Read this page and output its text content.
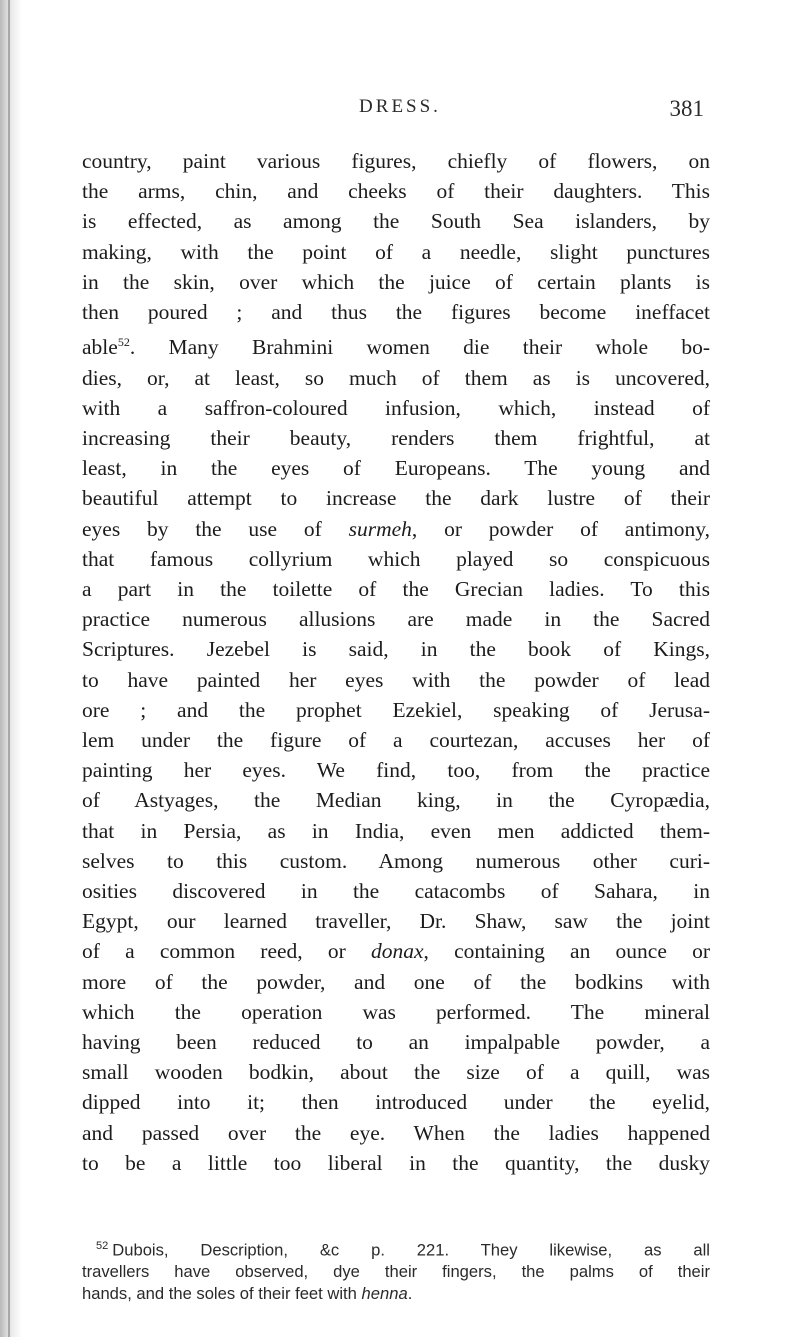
DRESS.	381
country, paint various figures, chiefly of flowers, on
the arms, chin, and cheeks of their daughters. This
is effected, as among the South Sea islanders, by
making, with the point of a needle, slight punctures
in the skin, over which the juice of certain plants is
then poured ; and thus the figures become ineffacet
able$^{52}$. Many Brahmini women die their whole bo-
dies, or, at least, so much of them as is uncovered,
with a saffron-coloured infusion, which, instead of
increasing their beauty, renders them frightful, at
least, in the eyes of Europeans. The young and
beautiful attempt to increase the dark lustre of their
eyes by the use of surmeh, or powder of antimony,
that famous collyrium which played so conspicuous
a part in the toilette of the Grecian ladies. To this
practice numerous allusions are made in the Sacred
Scriptures. Jezebel is said, in the book of Kings,
to have painted her eyes with the powder of lead
ore ; and the prophet Ezekiel, speaking of Jerusa-
lem under the figure of a courtezan, accuses her of
painting her eyes. We find, too, from the practice
of Astyages, the Median king, in the Cyropædia,
that in Persia, as in India, even men addicted them-
selves to this custom. Among numerous other curi-
osities discovered in the catacombs of Sahara, in
Egypt, our learned traveller, Dr. Shaw, saw the joint
of a common reed, or donax, containing an ounce or
more of the powder, and one of the bodkins with
which the operation was performed. The mineral
having been reduced to an impalpable powder, a
small wooden bodkin, about the size of a quill, was
dipped into it; then introduced under the eyelid,
and passed over the eye. When the ladies happened
to be a little too liberal in the quantity, the dusky
$^{52}$ Dubois, Description, &c p. 221. They likewise, as all
travellers have observed, dye their fingers, the palms of their
hands, and the soles of their feet with henna.
